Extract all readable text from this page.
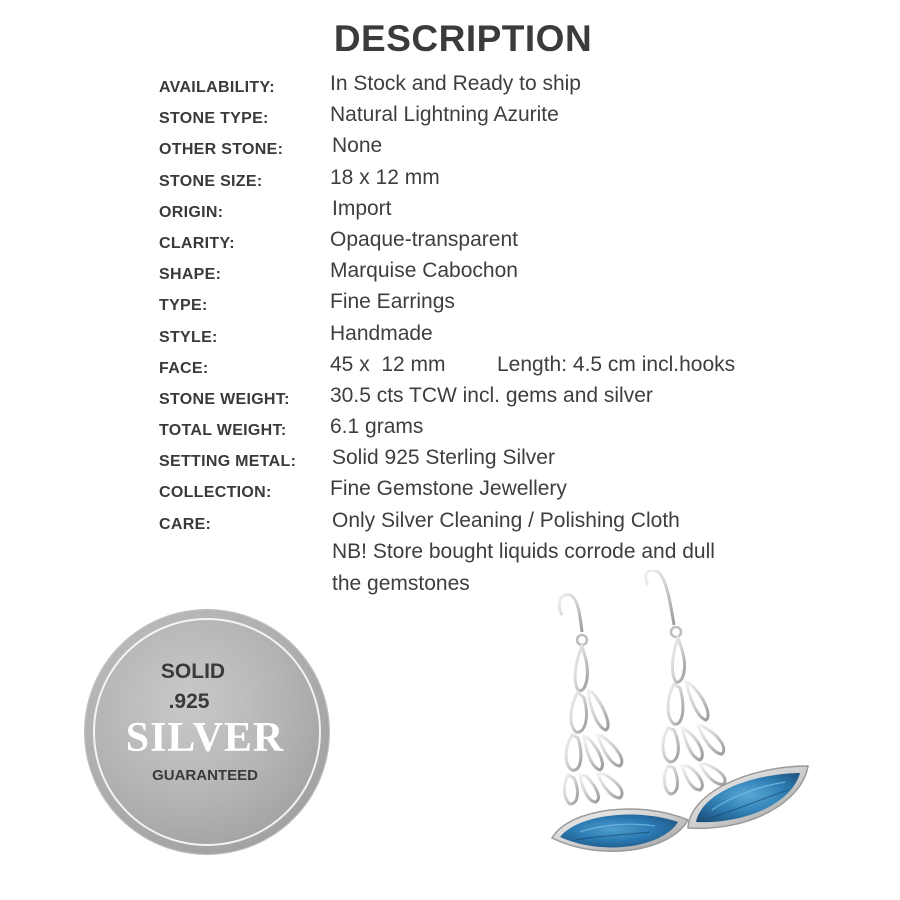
DESCRIPTION
AVAILABILITY:	In Stock and Ready to ship
STONE TYPE:	Natural Lightning Azurite
OTHER STONE: None
STONE SIZE:	18 x 12 mm
ORIGIN:	Import
CLARITY:	Opaque-transparent
SHAPE:	Marquise Cabochon
TYPE:	Fine Earrings
STYLE:	Handmade
FACE:	45 x  12 mm Length: 4.5 cm incl.hooks
STONE WEIGHT: 30.5 cts TCW incl. gems and silver
TOTAL WEIGHT: 6.1 grams
SETTING METAL: Solid 925 Sterling Silver
COLLECTION:	Fine Gemstone Jewellery
CARE:	Only Silver Cleaning / Polishing Cloth
NB! Store bought liquids corrode and dull
the gemstones
SOLID
.925
SILVER
GUARANTEED
